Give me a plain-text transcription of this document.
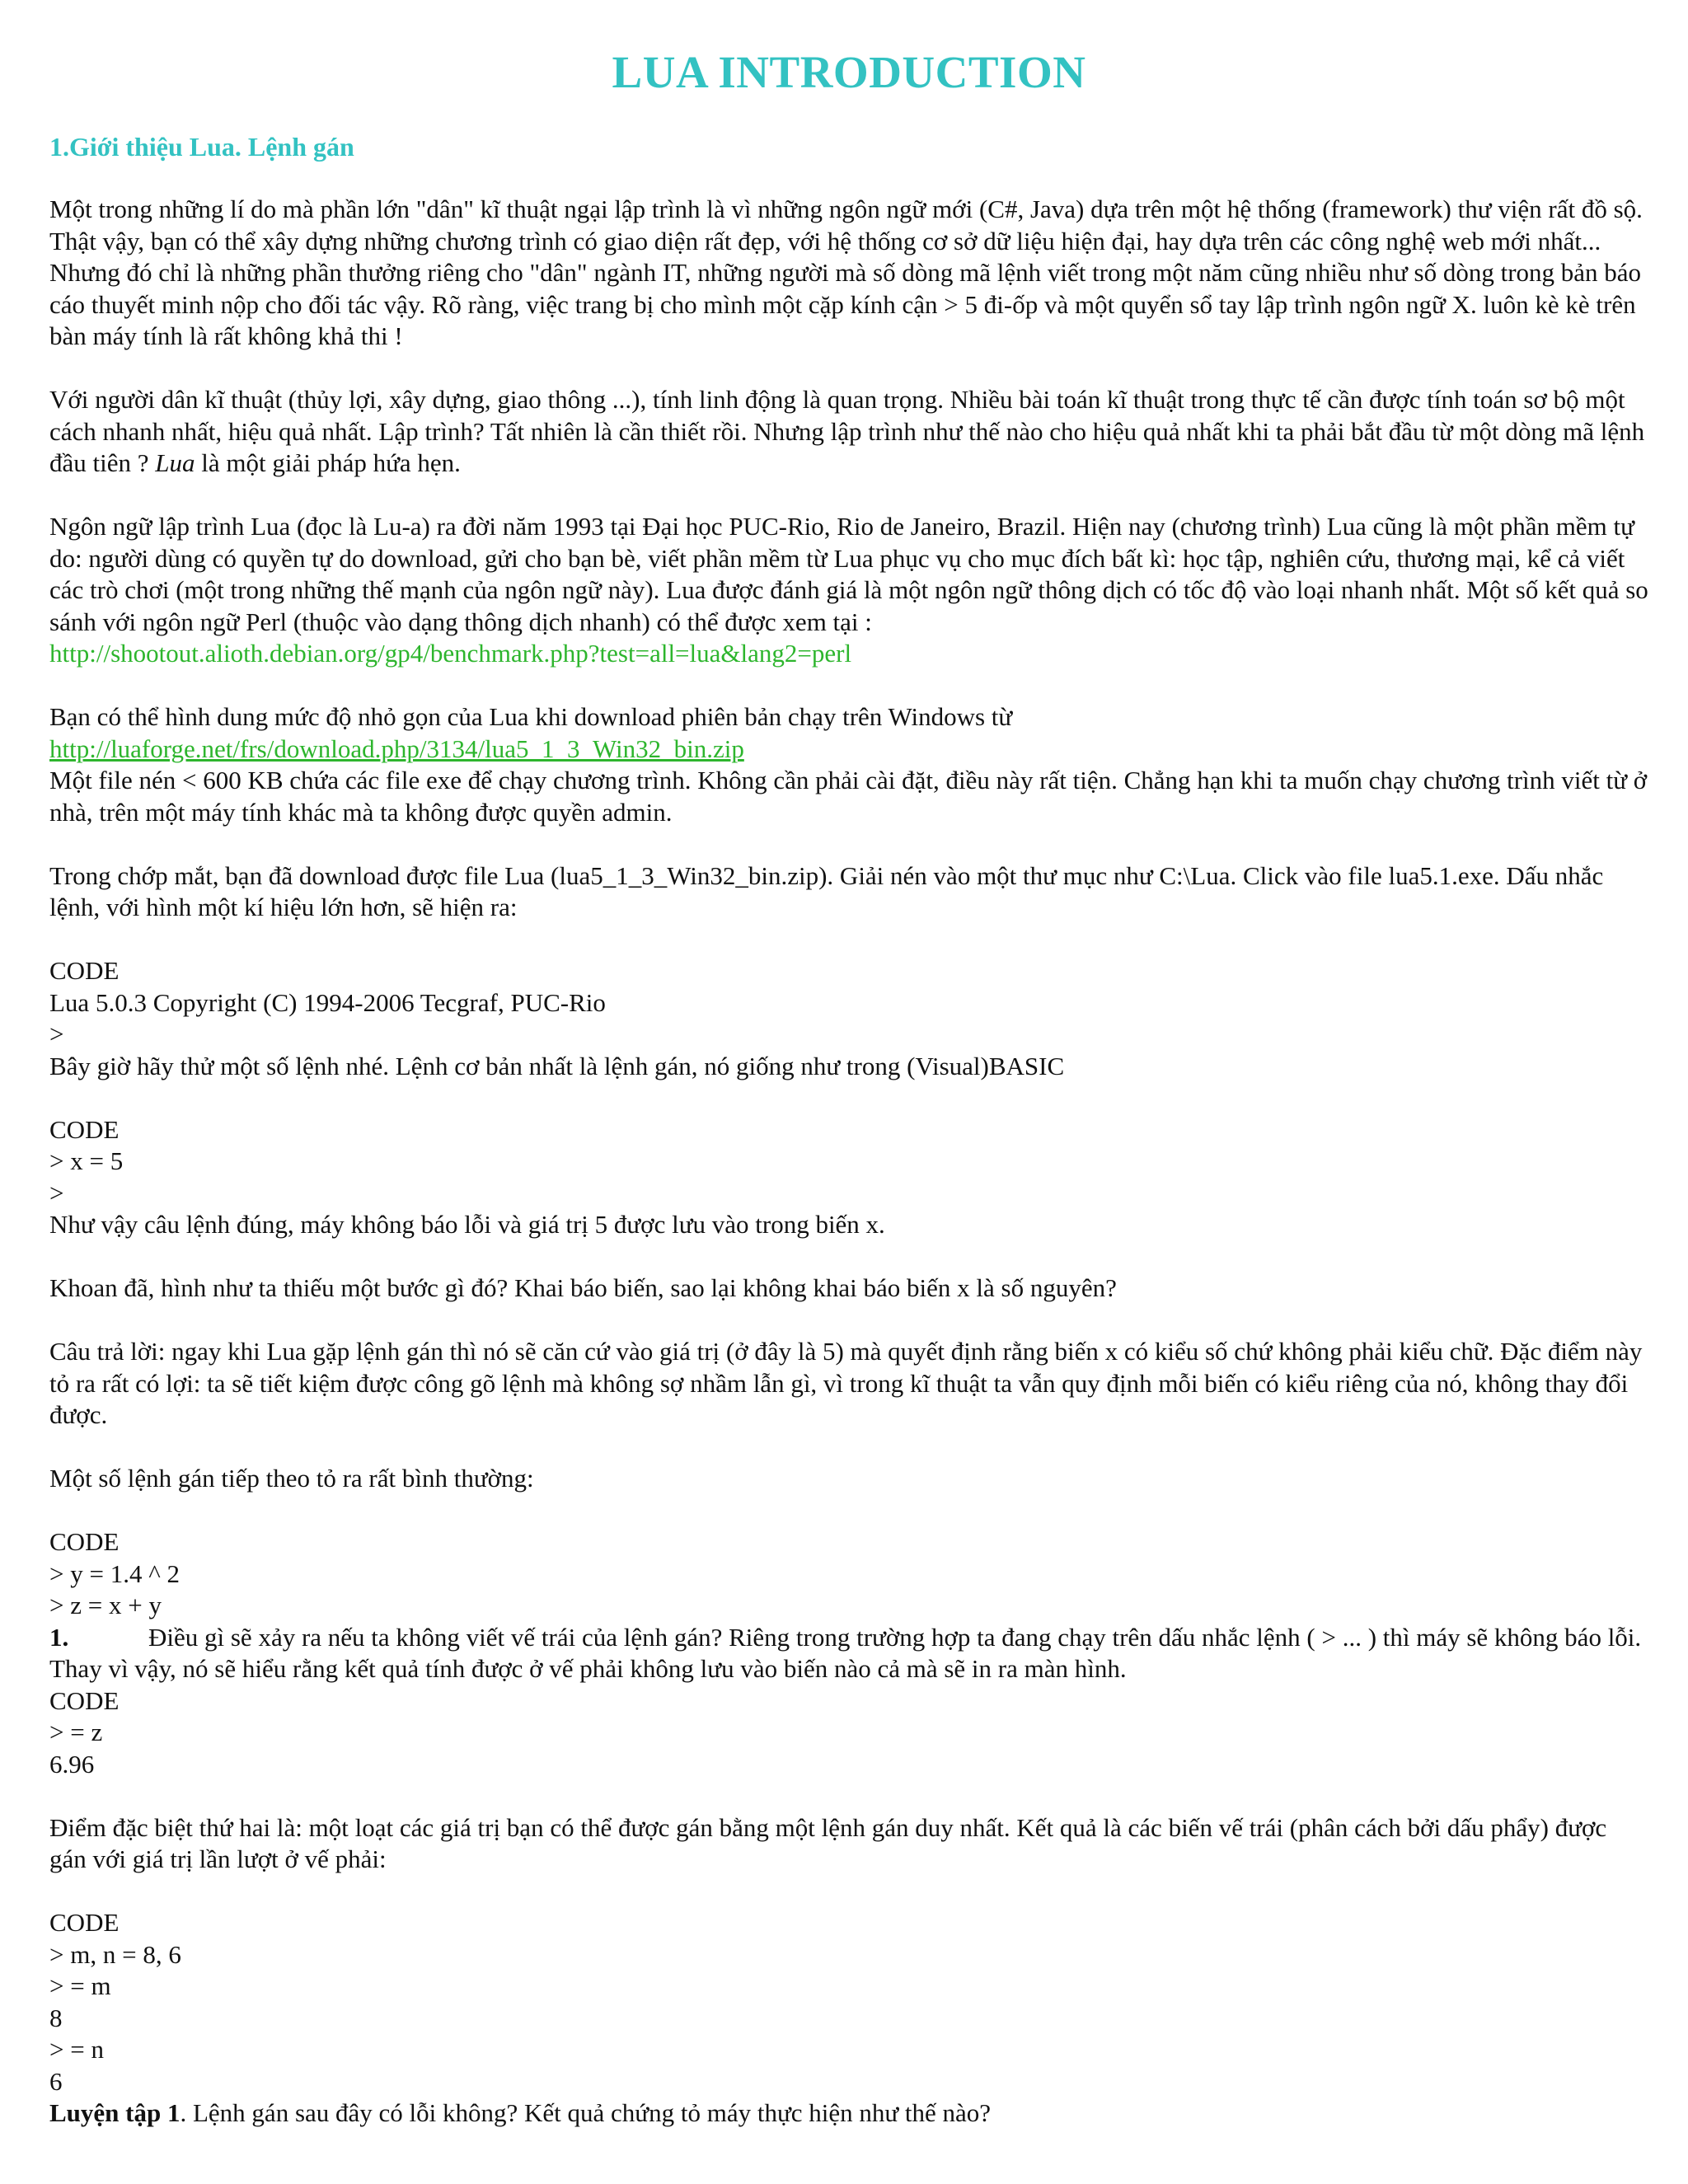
LUA INTRODUCTION
1.Giới thiệu Lua. Lệnh gán

Một trong những lí do mà phần lớn "dân" kĩ thuật ngại lập trình là vì những ngôn ngữ mới (C#, Java) dựa trên một hệ thống (framework) thư viện rất đồ sộ. Thật vậy, bạn có thể xây dựng những chương trình có giao diện rất đẹp, với hệ thống cơ sở dữ liệu hiện đại, hay dựa trên các công nghệ web mới nhất... Nhưng đó chỉ là những phần thưởng riêng cho "dân" ngành IT, những người mà số dòng mã lệnh viết trong một năm cũng nhiều như số dòng trong bản báo cáo thuyết minh nộp cho đối tác vậy. Rõ ràng, việc trang bị cho mình một cặp kính cận > 5 đi-ốp và một quyển sổ tay lập trình ngôn ngữ X. luôn kè kè trên bàn máy tính là rất không khả thi !

Với người dân kĩ thuật (thủy lợi, xây dựng, giao thông ...), tính linh động là quan trọng. Nhiều bài toán kĩ thuật trong thực tế cần được tính toán sơ bộ một cách nhanh nhất, hiệu quả nhất. Lập trình? Tất nhiên là cần thiết rồi. Nhưng lập trình như thế nào cho hiệu quả nhất khi ta phải bắt đầu từ một dòng mã lệnh đầu tiên ? Lua là một giải pháp hứa hẹn.

Ngôn ngữ lập trình Lua (đọc là Lu-a) ra đời năm 1993 tại Đại học PUC-Rio, Rio de Janeiro, Brazil. Hiện nay (chương trình) Lua cũng là một phần mềm tự do: người dùng có quyền tự do download, gửi cho bạn bè, viết phần mềm từ Lua phục vụ cho mục đích bất kì: học tập, nghiên cứu, thương mại, kể cả viết các trò chơi (một trong những thế mạnh của ngôn ngữ này). Lua được đánh giá là một ngôn ngữ thông dịch có tốc độ vào loại nhanh nhất. Một số kết quả so sánh với ngôn ngữ Perl (thuộc vào dạng thông dịch nhanh) có thể được xem tại :

http://shootout.alioth.debian.org/gp4/benchmark.php?test=all=lua&lang2=perl

Bạn có thể hình dung mức độ nhỏ gọn của Lua khi download phiên bản chạy trên Windows từ

http://luaforge.net/frs/download.php/3134/lua5_1_3_Win32_bin.zip

Một file nén < 600 KB chứa các file exe để chạy chương trình. Không cần phải cài đặt, điều này rất tiện. Chẳng hạn khi ta muốn chạy chương trình viết từ ở nhà, trên một máy tính khác mà ta không được quyền admin.

Trong chớp mắt, bạn đã download được file Lua (lua5_1_3_Win32_bin.zip). Giải nén vào một thư mục như C:\Lua. Click vào file lua5.1.exe. Dấu nhắc lệnh, với hình một kí hiệu lớn hơn, sẽ hiện ra:

CODE

Lua 5.0.3 Copyright (C) 1994-2006 Tecgraf, PUC-Rio

>

Bây giờ hãy thử một số lệnh nhé. Lệnh cơ bản nhất là lệnh gán, nó giống như trong (Visual)BASIC

CODE

> x = 5

>

Như vậy câu lệnh đúng, máy không báo lỗi và giá trị 5 được lưu vào trong biến x.

Khoan đã, hình như ta thiếu một bước gì đó? Khai báo biến, sao lại không khai báo biến x là số nguyên?

Câu trả lời: ngay khi Lua gặp lệnh gán thì nó sẽ căn cứ vào giá trị (ở đây là 5) mà quyết định rằng biến x có kiểu số chứ không phải kiểu chữ. Đặc điểm này tỏ ra rất có lợi: ta sẽ tiết kiệm được công gõ lệnh mà không sợ nhầm lẫn gì, vì trong kĩ thuật ta vẫn quy định mỗi biến có kiểu riêng của nó, không thay đổi được.

Một số lệnh gán tiếp theo tỏ ra rất bình thường:

CODE

> y = 1.4 ^ 2

> z = x + y

1.	Điều gì sẽ xảy ra nếu ta không viết vế trái của lệnh gán? Riêng trong trường hợp ta đang chạy trên dấu nhắc lệnh ( > ... ) thì máy sẽ không báo lỗi. Thay vì vậy, nó sẽ hiểu rằng kết quả tính được ở vế phải không lưu vào biến nào cả mà sẽ in ra màn hình.

CODE

> = z

6.96

Điểm đặc biệt thứ hai là: một loạt các giá trị bạn có thể được gán bằng một lệnh gán duy nhất. Kết quả là các biến vế trái (phân cách bởi dấu phẩy) được gán với giá trị lần lượt ở vế phải:

CODE

> m, n = 8, 6

> = m

8

> = n

6

Luyện tập 1. Lệnh gán sau đây có lỗi không? Kết quả chứng tỏ máy thực hiện như thế nào?
